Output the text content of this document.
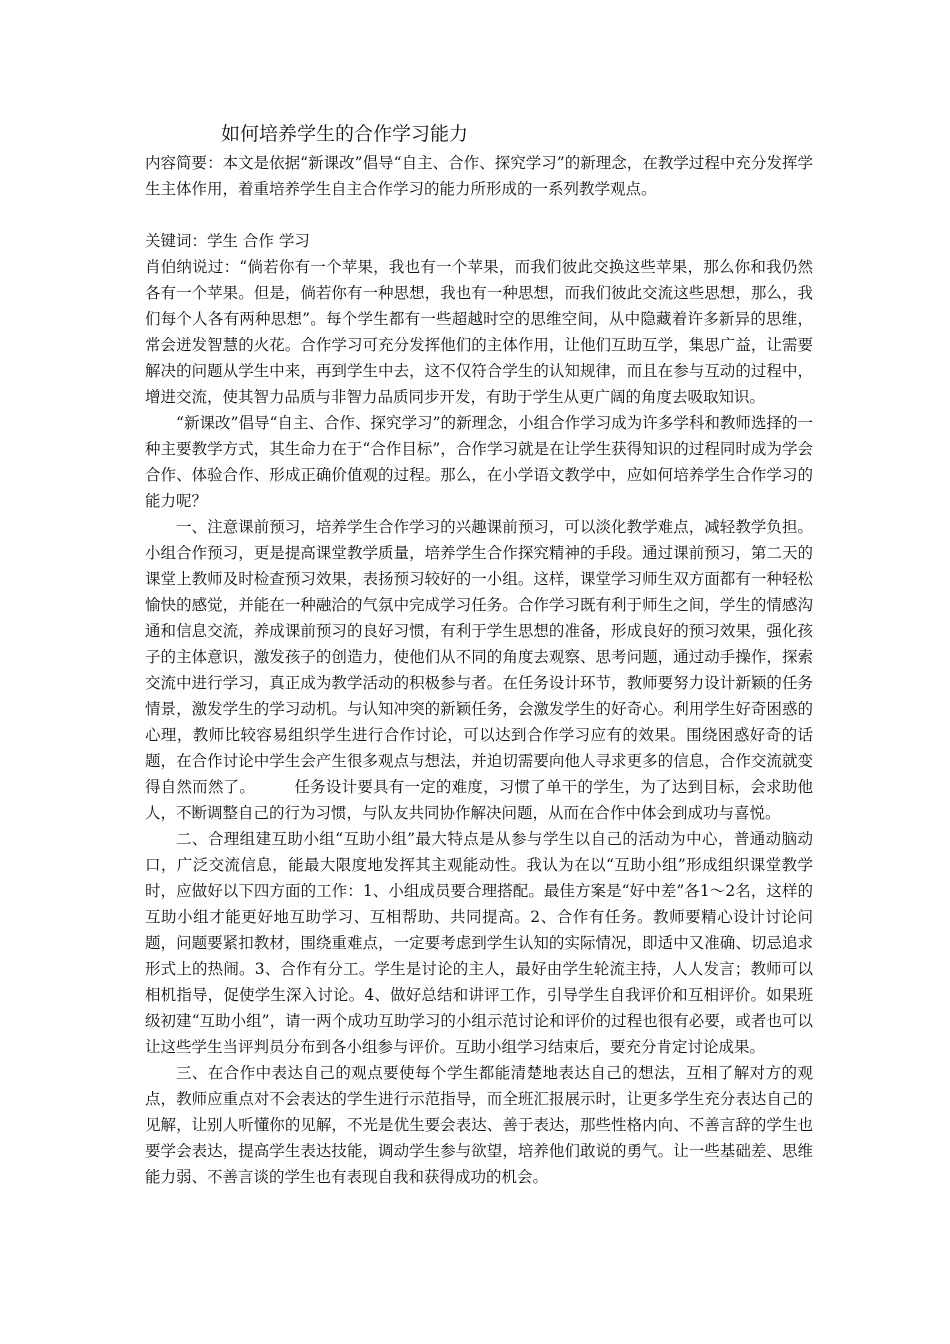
如何培养学生的合作学习能力

内容简要：本文是依据“新课改”倡导“自主、合作、探究学习”的新理念，在教学过程中充分发挥学生主体作用，着重培养学生自主合作学习的能力所形成的一系列教学观点。

关键词：学生 合作 学习

肖伯纳说过：“倘若你有一个苹果，我也有一个苹果，而我们彼此交换这些苹果，那么你和我仍然各有一个苹果。但是，倘若你有一种思想，我也有一种思想，而我们彼此交流这些思想，那么，我们每个人各有两种思想”。每个学生都有一些超越时空的思维空间，从中隐藏着许多新异的思维，常会迸发智慧的火花。合作学习可充分发挥他们的主体作用，让他们互助互学，集思广益，让需要解决的问题从学生中来，再到学生中去，这不仅符合学生的认知规律，而且在参与互动的过程中，增进交流，使其智力品质与非智力品质同步开发，有助于学生从更广阔的角度去吸取知识。

“新课改”倡导“自主、合作、探究学习”的新理念，小组合作学习成为许多学科和教师选择的一种主要教学方式，其生命力在于“合作目标”，合作学习就是在让学生获得知识的过程同时成为学会合作、体验合作、形成正确价值观的过程。那么，在小学语文教学中，应如何培养学生合作学习的能力呢？

一、注意课前预习，培养学生合作学习的兴趣课前预习，可以淡化教学难点，减轻教学负担。小组合作预习，更是提高课堂教学质量，培养学生合作探究精神的手段。通过课前预习，第二天的课堂上教师及时检查预习效果，表扬预习较好的一小组。这样，课堂学习师生双方面都有一种轻松愉快的感觉，并能在一种融洽的气氛中完成学习任务。合作学习既有利于师生之间，学生的情感沟通和信息交流，养成课前预习的良好习惯，有利于学生思想的准备，形成良好的预习效果，强化孩子的主体意识，激发孩子的创造力，使他们从不同的角度去观察、思考问题，通过动手操作，探索交流中进行学习，真正成为教学活动的积极参与者。在任务设计环节，教师要努力设计新颖的任务情景，激发学生的学习动机。与认知冲突的新颖任务，会激发学生的好奇心。利用学生好奇困惑的心理，教师比较容易组织学生进行合作讨论，可以达到合作学习应有的效果。围绕困惑好奇的话题，在合作讨论中学生会产生很多观点与想法，并迫切需要向他人寻求更多的信息，合作交流就变得自然而然了。　　　任务设计要具有一定的难度，习惯了单干的学生，为了达到目标，会求助他人，不断调整自己的行为习惯，与队友共同协作解决问题，从而在合作中体会到成功与喜悦。

二、合理组建互助小组“互助小组”最大特点是从参与学生以自己的活动为中心，普通动脑动口，广泛交流信息，能最大限度地发挥其主观能动性。我认为在以“互助小组”形成组织课堂教学时，应做好以下四方面的工作：1、小组成员要合理搭配。最佳方案是“好中差”各1～2名，这样的互助小组才能更好地互助学习、互相帮助、共同提高。2、合作有任务。教师要精心设计讨论问题，问题要紧扣教材，围绕重难点，一定要考虑到学生认知的实际情况，即适中又准确、切忌追求形式上的热闹。3、合作有分工。学生是讨论的主人，最好由学生轮流主持，人人发言；教师可以相机指导，促使学生深入讨论。4、做好总结和讲评工作，引导学生自我评价和互相评价。如果班级初建“互助小组”，请一两个成功互助学习的小组示范讨论和评价的过程也很有必要，或者也可以让这些学生当评判员分布到各小组参与评价。互助小组学习结束后，要充分肯定讨论成果。

三、在合作中表达自己的观点要使每个学生都能清楚地表达自己的想法，互相了解对方的观点，教师应重点对不会表达的学生进行示范指导，而全班汇报展示时，让更多学生充分表达自己的见解，让别人听懂你的见解，不光是优生要会表达、善于表达，那些性格内向、不善言辞的学生也要学会表达，提高学生表达技能，调动学生参与欲望，培养他们敢说的勇气。让一些基础差、思维能力弱、不善言谈的学生也有表现自我和获得成功的机会。
